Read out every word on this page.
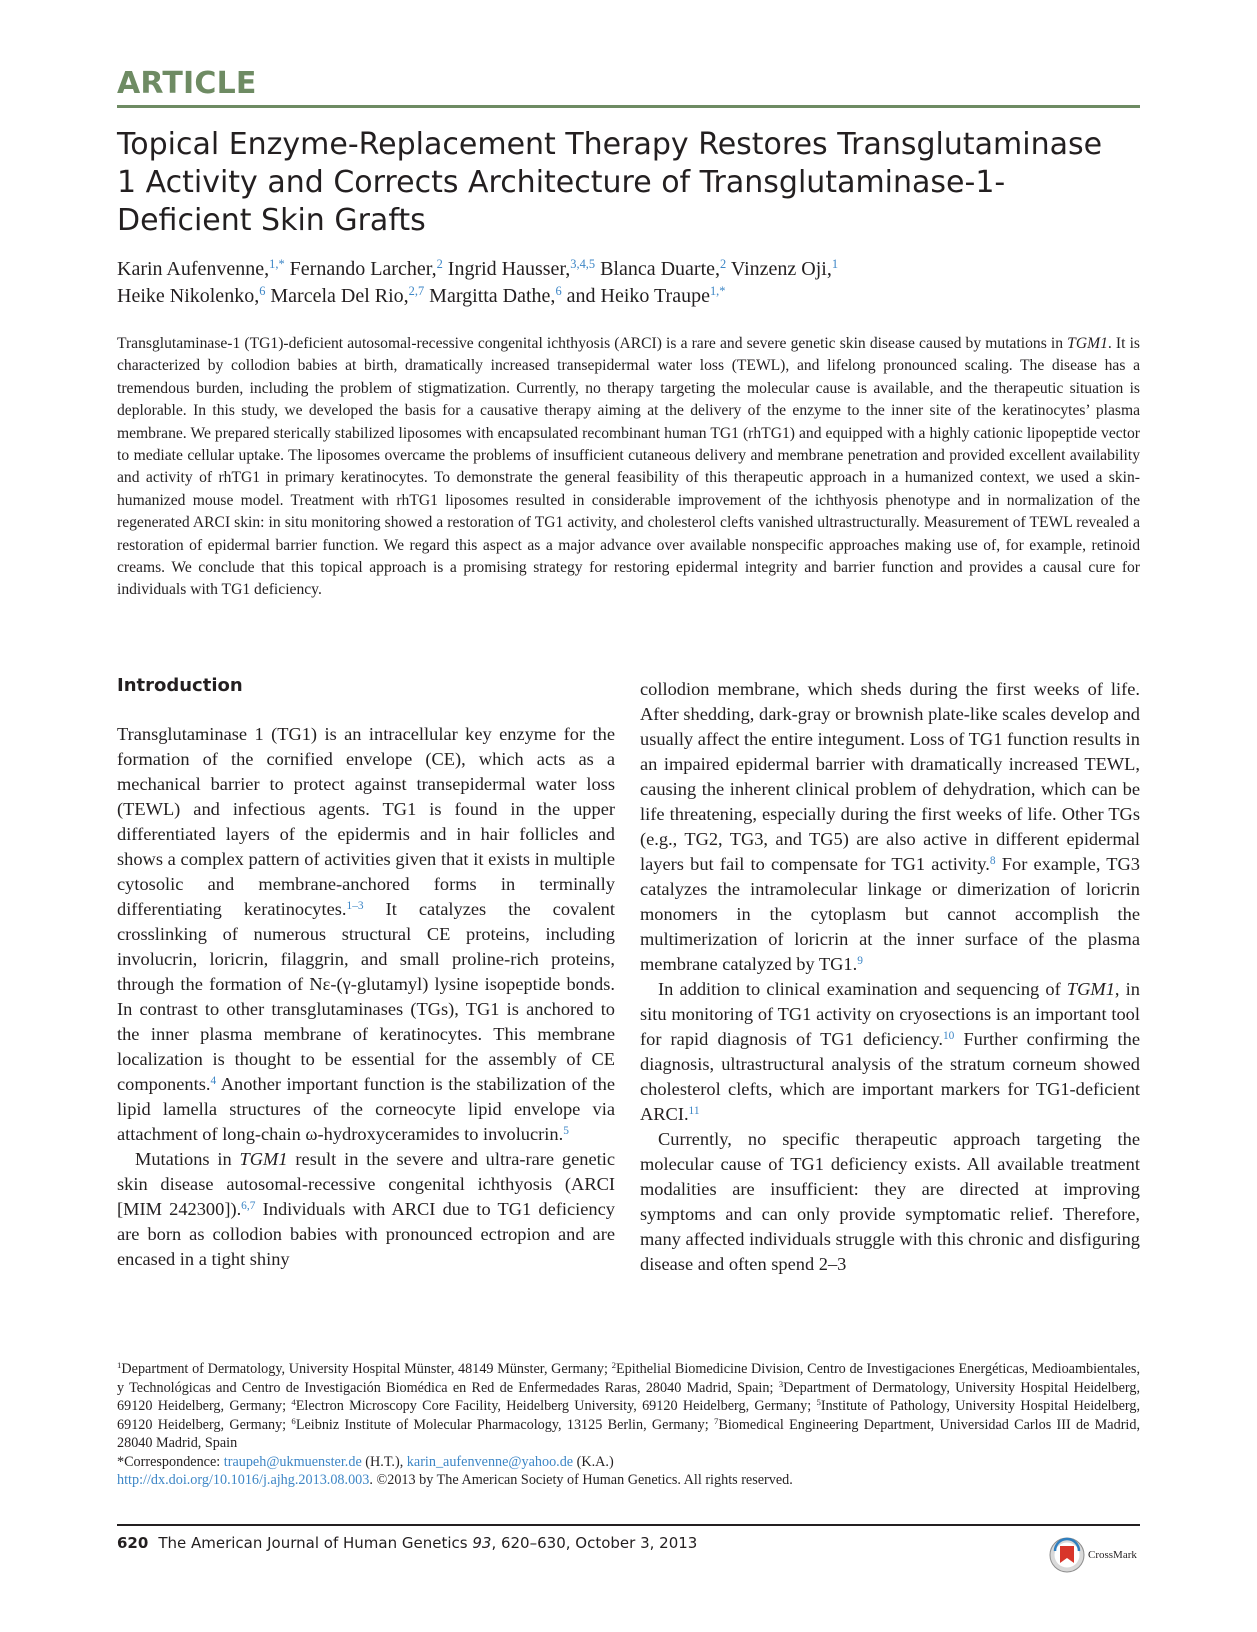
ARTICLE
Topical Enzyme-Replacement Therapy Restores Transglutaminase 1 Activity and Corrects Architecture of Transglutaminase-1-Deficient Skin Grafts
Karin Aufenvenne,$^{1,*}$ Fernando Larcher,$^2$ Ingrid Hausser,$^{3,4,5}$ Blanca Duarte,$^2$ Vinzenz Oji,$^1$
Heike Nikolenko,$^6$ Marcela Del Rio,$^{2,7}$ Margitta Dathe,$^6$ and Heiko Traupe$^{1,*}$

Transglutaminase-1 (TG1)-deficient autosomal-recessive congenital ichthyosis (ARCI) is a rare and severe genetic skin disease caused by mutations in TGM1. It is characterized by collodion babies at birth, dramatically increased transepidermal water loss (TEWL), and lifelong pronounced scaling. The disease has a tremendous burden, including the problem of stigmatization. Currently, no therapy targeting the molecular cause is available, and the therapeutic situation is deplorable. In this study, we developed the basis for a causative therapy aiming at the delivery of the enzyme to the inner site of the keratinocytes’ plasma membrane. We prepared sterically stabilized liposomes with encapsulated recombinant human TG1 (rhTG1) and equipped with a highly cationic lipopeptide vector to mediate cellular uptake. The liposomes overcame the problems of insufficient cutaneous delivery and membrane penetration and provided excellent availability and activity of rhTG1 in primary keratinocytes. To demonstrate the general feasibility of this therapeutic approach in a humanized context, we used a skin-humanized mouse model. Treatment with rhTG1 liposomes resulted in considerable improvement of the ichthyosis phenotype and in normalization of the regenerated ARCI skin: in situ monitoring showed a restoration of TG1 activity, and cholesterol clefts vanished ultrastructurally. Measurement of TEWL revealed a restoration of epidermal barrier function. We regard this aspect as a major advance over available nonspecific approaches making use of, for example, retinoid creams. We conclude that this topical approach is a promising strategy for restoring epidermal integrity and barrier function and provides a causal cure for individuals with TG1 deficiency.

Introduction

Transglutaminase 1 (TG1) is an intracellular key enzyme for the formation of the cornified envelope (CE), which acts as a mechanical barrier to protect against transepidermal water loss (TEWL) and infectious agents. TG1 is found in the upper differentiated layers of the epidermis and in hair follicles and shows a complex pattern of activities given that it exists in multiple cytosolic and membrane-anchored forms in terminally differentiating keratinocytes.$^{1-3}$ It catalyzes the covalent crosslinking of numerous structural CE proteins, including involucrin, loricrin, filaggrin, and small proline-rich proteins, through the formation of Nε-(γ-glutamyl) lysine isopeptide bonds. In contrast to other transglutaminases (TGs), TG1 is anchored to the inner plasma membrane of keratinocytes. This membrane localization is thought to be essential for the assembly of CE components.$^4$ Another important function is the stabilization of the lipid lamella structures of the corneocyte lipid envelope via attachment of long-chain ω-hydroxyceramides to involucrin.$^5$

Mutations in TGM1 result in the severe and ultra-rare genetic skin disease autosomal-recessive congenital ichthyosis (ARCI [MIM 242300]).$^{6,7}$ Individuals with ARCI due to TG1 deficiency are born as collodion babies with pronounced ectropion and are encased in a tight shiny

collodion membrane, which sheds during the first weeks of life. After shedding, dark-gray or brownish plate-like scales develop and usually affect the entire integument. Loss of TG1 function results in an impaired epidermal barrier with dramatically increased TEWL, causing the inherent clinical problem of dehydration, which can be life threatening, especially during the first weeks of life. Other TGs (e.g., TG2, TG3, and TG5) are also active in different epidermal layers but fail to compensate for TG1 activity.$^8$ For example, TG3 catalyzes the intramolecular linkage or dimerization of loricrin monomers in the cytoplasm but cannot accomplish the multimerization of loricrin at the inner surface of the plasma membrane catalyzed by TG1.$^9$

In addition to clinical examination and sequencing of TGM1, in situ monitoring of TG1 activity on cryosections is an important tool for rapid diagnosis of TG1 deficiency.$^{10}$ Further confirming the diagnosis, ultrastructural analysis of the stratum corneum showed cholesterol clefts, which are important markers for TG1-deficient ARCI.$^{11}$

Currently, no specific therapeutic approach targeting the molecular cause of TG1 deficiency exists. All available treatment modalities are insufficient: they are directed at improving symptoms and can only provide symptomatic relief. Therefore, many affected individuals struggle with this chronic and disfiguring disease and often spend 2–3

$^1$Department of Dermatology, University Hospital Münster, 48149 Münster, Germany; $^2$Epithelial Biomedicine Division, Centro de Investigaciones Energéticas, Medioambientales, y Technológicas and Centro de Investigación Biomédica en Red de Enfermedades Raras, 28040 Madrid, Spain; $^3$Department of Dermatology, University Hospital Heidelberg, 69120 Heidelberg, Germany; $^4$Electron Microscopy Core Facility, Heidelberg University, 69120 Heidelberg, Germany; $^5$Institute of Pathology, University Hospital Heidelberg, 69120 Heidelberg, Germany; $^6$Leibniz Institute of Molecular Pharmacology, 13125 Berlin, Germany; $^7$Biomedical Engineering Department, Universidad Carlos III de Madrid, 28040 Madrid, Spain
*Correspondence: traupeh@ukmuenster.de (H.T.), karin_aufenvenne@yahoo.de (K.A.)
http://dx.doi.org/10.1016/j.ajhg.2013.08.003. ©2013 by The American Society of Human Genetics. All rights reserved.
620 The American Journal of Human Genetics 93, 620–630, October 3, 2013
CrossMark
